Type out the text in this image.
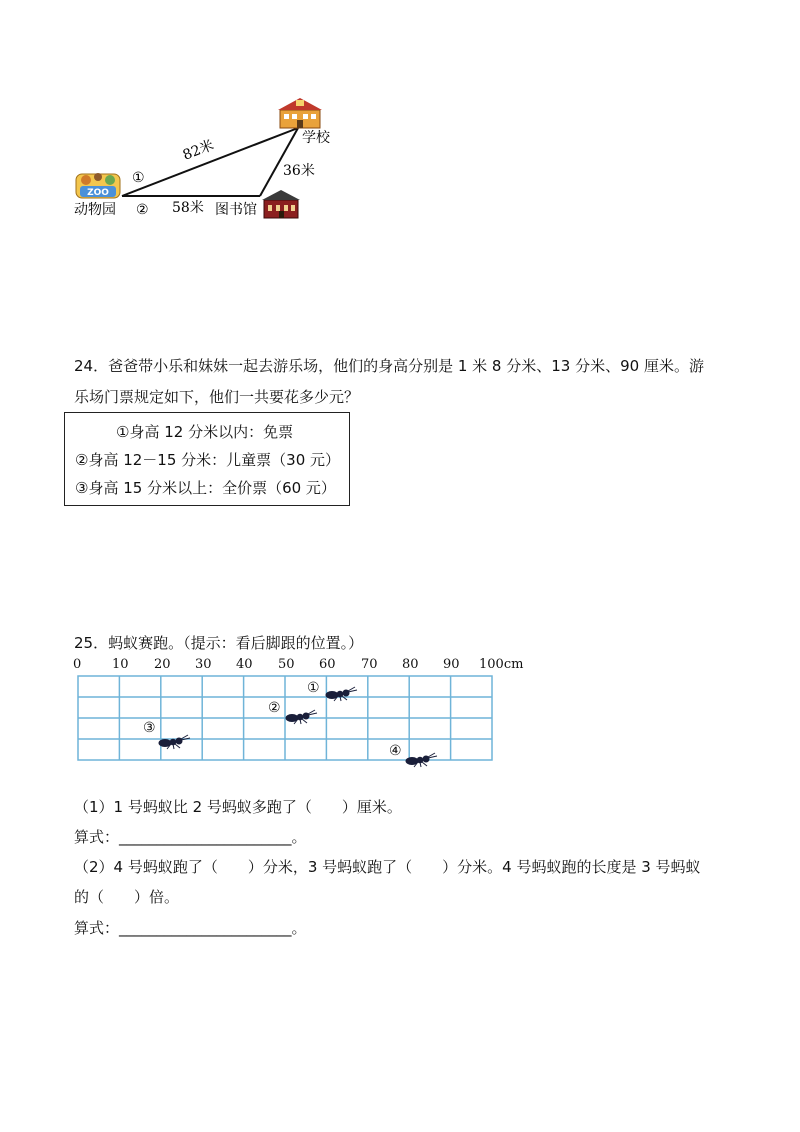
ZOO
学校
动物园	图书馆
82米
36米
58米
①
②
24．爸爸带小乐和妹妹一起去游乐场，他们的身高分别是 1 米 8 分米、13 分米、90 厘米。游
乐场门票规定如下，他们一共要花多少元？
①身高 12 分米以内：免票
②身高 12－15 分米：儿童票（30 元）
③身高 15 分米以上：全价票（60 元）
25．蚂蚁赛跑。（提示：看后脚跟的位置。）
0 10 20 30 40 50 60 70 80 90 100cm
①
②
③
④
（1）1 号蚂蚁比 2 号蚂蚁多跑了（　　）厘米。
算式：_______________________。
（2）4 号蚂蚁跑了（　　）分米，3 号蚂蚁跑了（　　）分米。4 号蚂蚁跑的长度是 3 号蚂蚁
的（　　）倍。
算式：_______________________。
